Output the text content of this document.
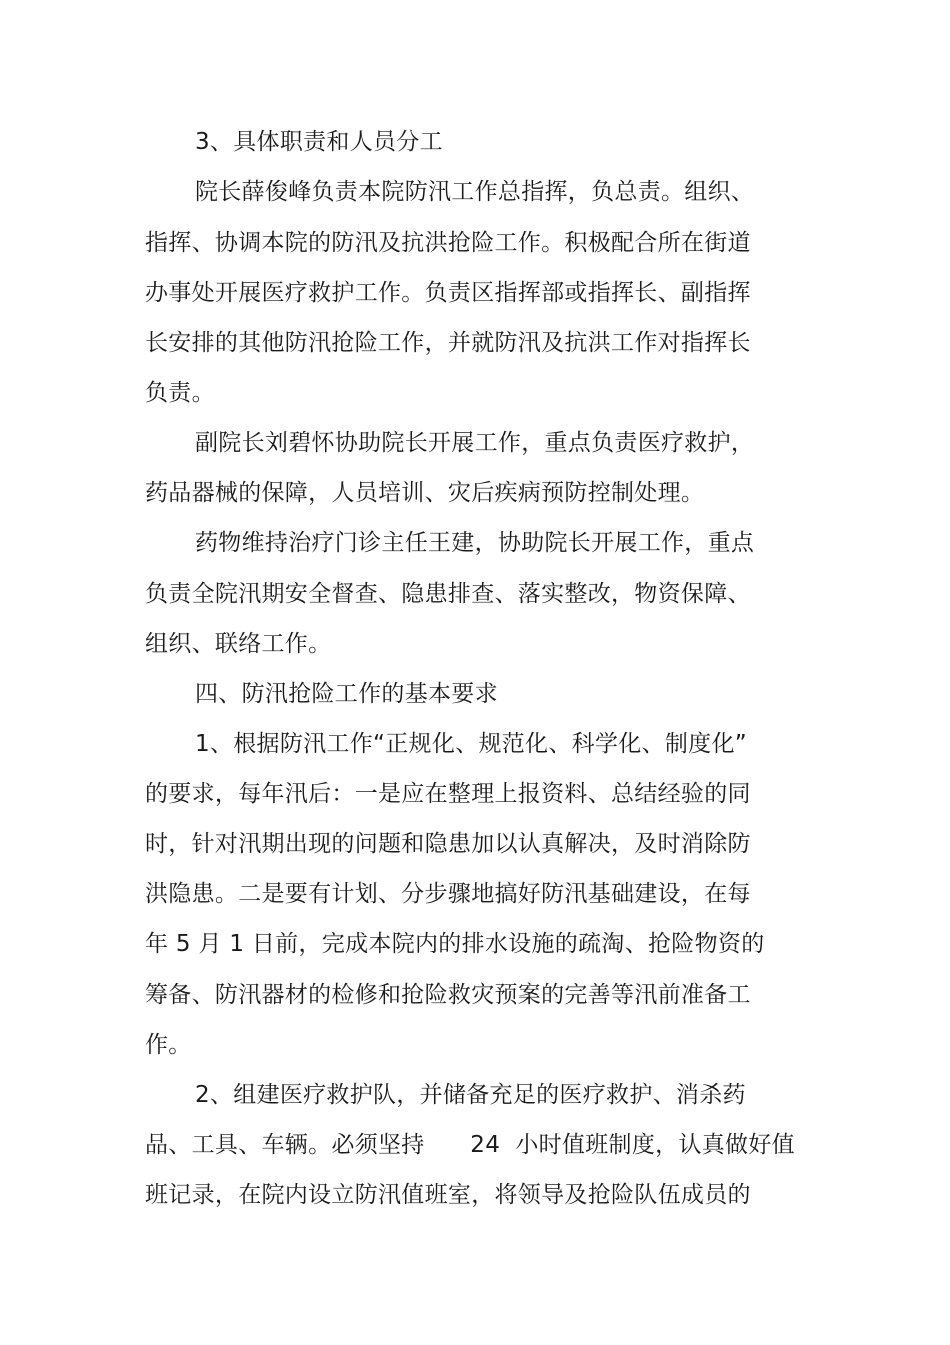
3、具体职责和人员分工
院长薛俊峰负责本院防汛工作总指挥，负总责。组织、
指挥、协调本院的防汛及抗洪抢险工作。积极配合所在街道
办事处开展医疗救护工作。负责区指挥部或指挥长、副指挥
长安排的其他防汛抢险工作，并就防汛及抗洪工作对指挥长
负责。
副院长刘碧怀协助院长开展工作，重点负责医疗救护，
药品器械的保障，人员培训、灾后疾病预防控制处理。
药物维持治疗门诊主任王建，协助院长开展工作，重点
负责全院汛期安全督查、隐患排查、落实整改，物资保障、
组织、联络工作。
四、防汛抢险工作的基本要求
1、根据防汛工作“正规化、规范化、科学化、制度化”
的要求，每年汛后：一是应在整理上报资料、总结经验的同
时，针对汛期出现的问题和隐患加以认真解决，及时消除防
洪隐患。二是要有计划、分步骤地搞好防汛基础建设，在每
年 5 月 1 日前，完成本院内的排水设施的疏淘、抢险物资的
筹备、防汛器材的检修和抢险救灾预案的完善等汛前准备工
作。
2、组建医疗救护队，并储备充足的医疗救护、消杀药
品、工具、车辆。必须坚持      24  小时值班制度，认真做好值
班记录，在院内设立防汛值班室，将领导及抢险队伍成员的
